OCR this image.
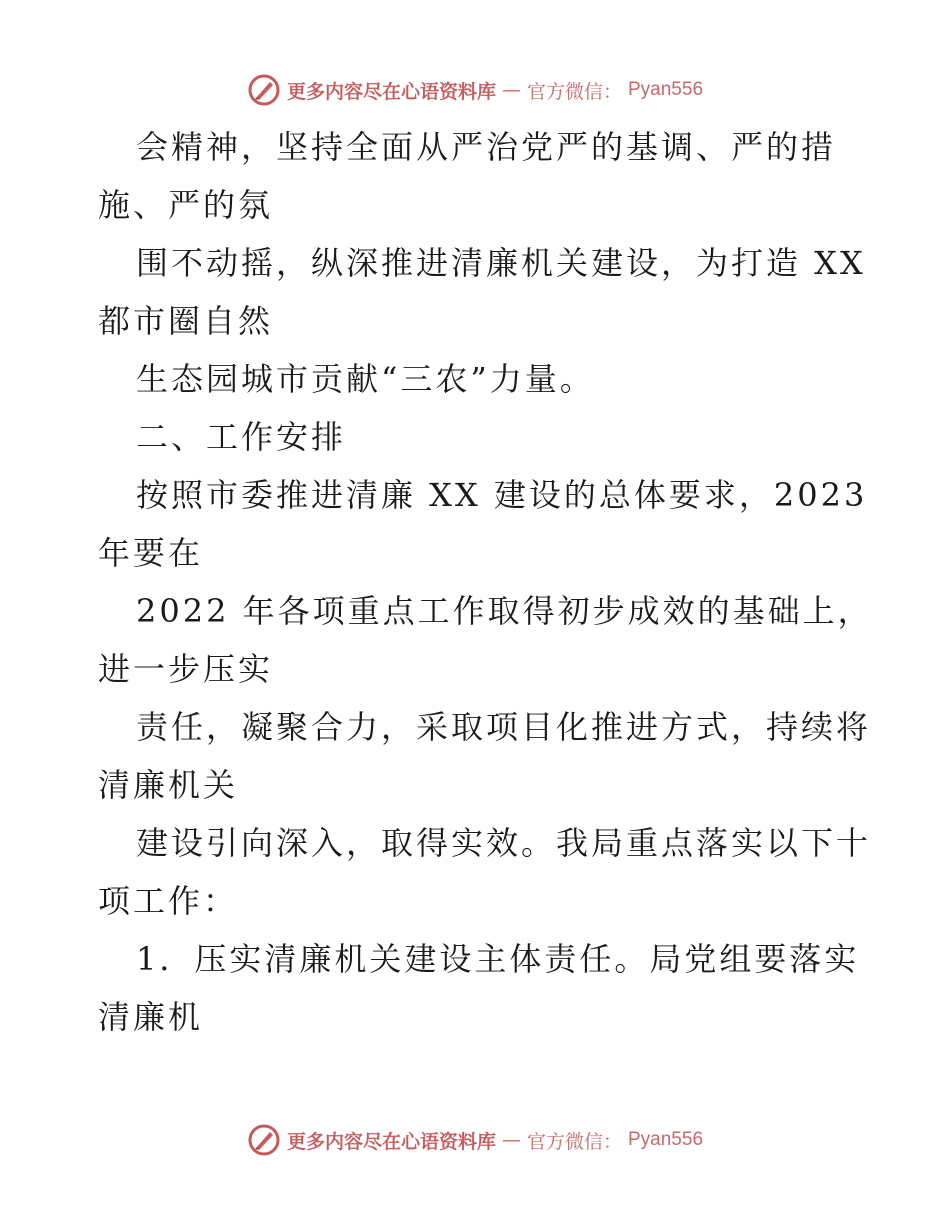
更多内容尽在心语资料库 — 官方微信： Pyan556
会精神，坚持全面从严治党严的基调、严的措
施、严的氛
围不动摇，纵深推进清廉机关建设，为打造 XX
都市圈自然
生态园城市贡献“三农”力量。
二、工作安排
按照市委推进清廉 XX 建设的总体要求，2023
年要在
2022 年各项重点工作取得初步成效的基础上，
进一步压实
责任，凝聚合力，采取项目化推进方式，持续将
清廉机关
建设引向深入，取得实效。我局重点落实以下十
项工作：
1．压实清廉机关建设主体责任。局党组要落实
清廉机
更多内容尽在心语资料库 — 官方微信： Pyan556
